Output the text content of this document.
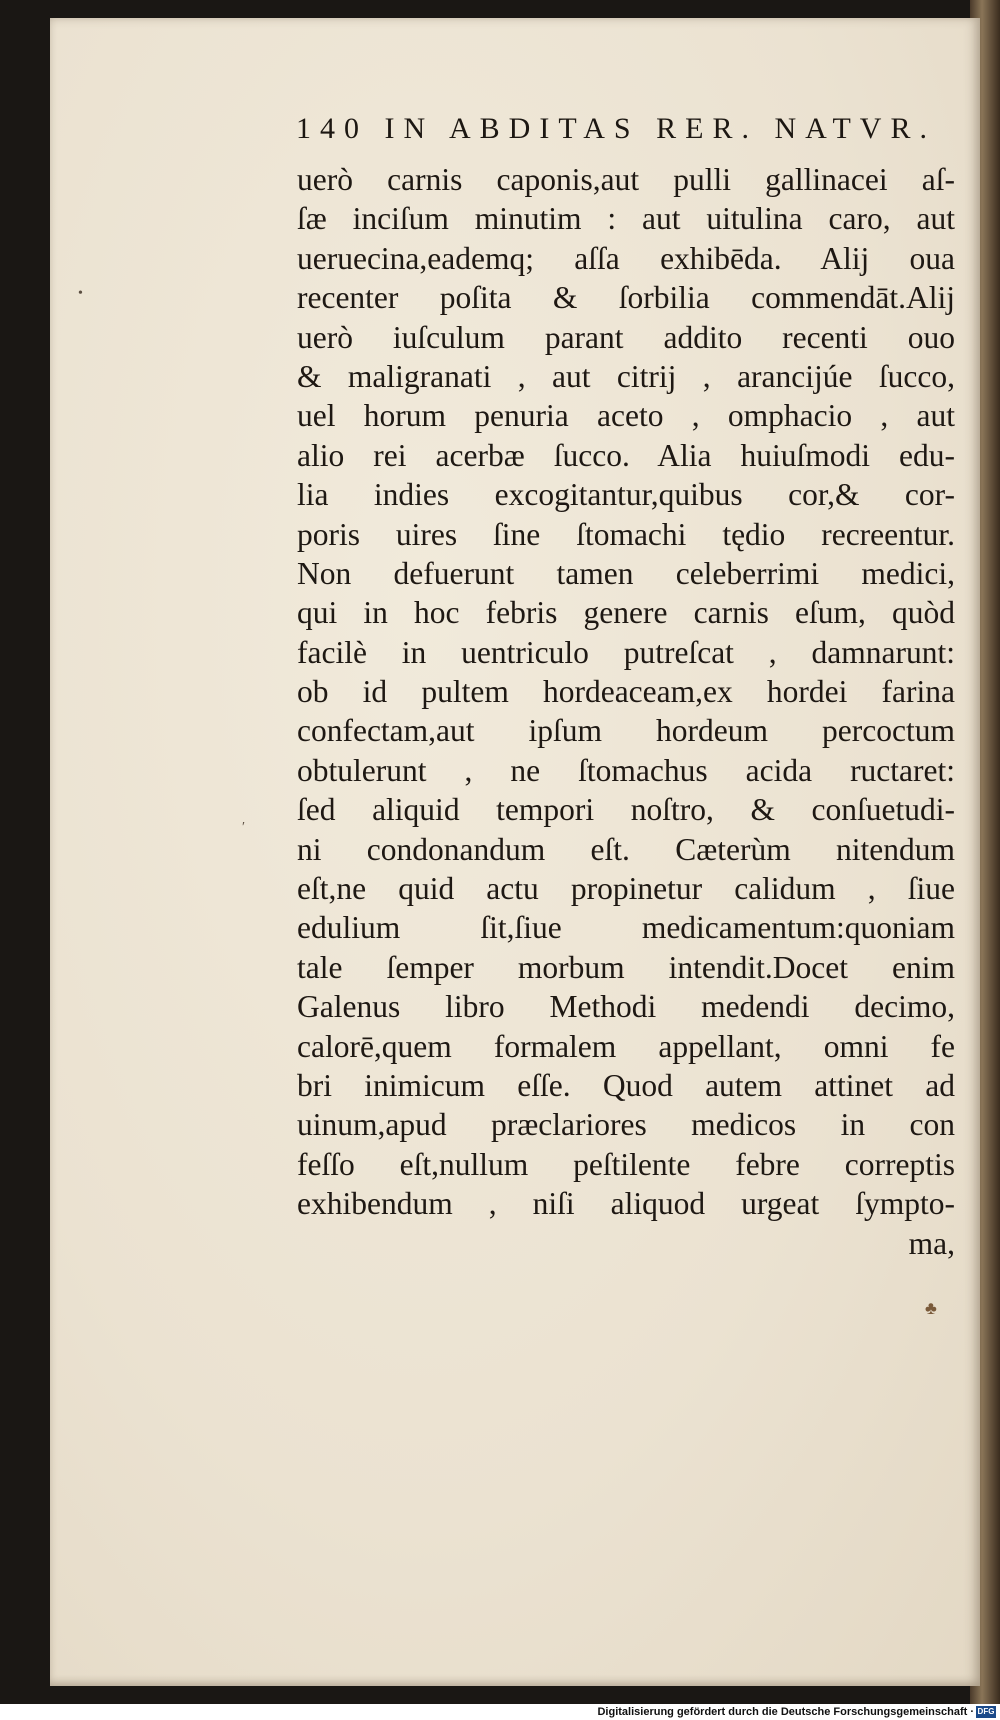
140 IN ABDITAS RER. NATVR.
uerò carnis caponis,aut pulli gallinacei aſ-
ſæ inciſum minutim : aut uitulina caro, aut
ueruecina,eademq; aſſa exhibēda. Alij oua
recenter poſita & ſorbilia commendāt.Alij
uerò iuſculum parant addito recenti ouo
& maligranati , aut citrij , arancijúe ſucco,
uel horum penuria aceto , omphacio , aut
alio rei acerbæ ſucco. Alia huiuſmodi edu-
lia indies excogitantur,quibus cor,& cor-
poris uires ſine ſtomachi tędio recreentur.
Non defuerunt tamen celeberrimi medici,
qui in hoc febris genere carnis eſum, quòd
facilè in uentriculo putreſcat , damnarunt:
ob id pultem hordeaceam,ex hordei farina
confectam,aut ipſum hordeum percoctum
obtulerunt , ne ſtomachus acida ructaret:
ſed aliquid tempori noſtro, & conſuetudi-
ni condonandum eſt. Cæterùm nitendum
eſt,ne quid actu propinetur calidum , ſiue
edulium ſit,ſiue medicamentum:quoniam
tale ſemper morbum intendit.Docet enim
Galenus libro Methodi medendi decimo,
calorē,quem formalem appellant, omni fe
bri inimicum eſſe. Quod autem attinet ad
uinum,apud præclariores medicos in con
feſſo eſt,nullum peſtilente febre correptis
exhibendum , niſi aliquod urgeat ſympto-
ma,
♣
•
′
Digitalisierung gefördert durch die Deutsche Forschungsgemeinschaft · DFG
